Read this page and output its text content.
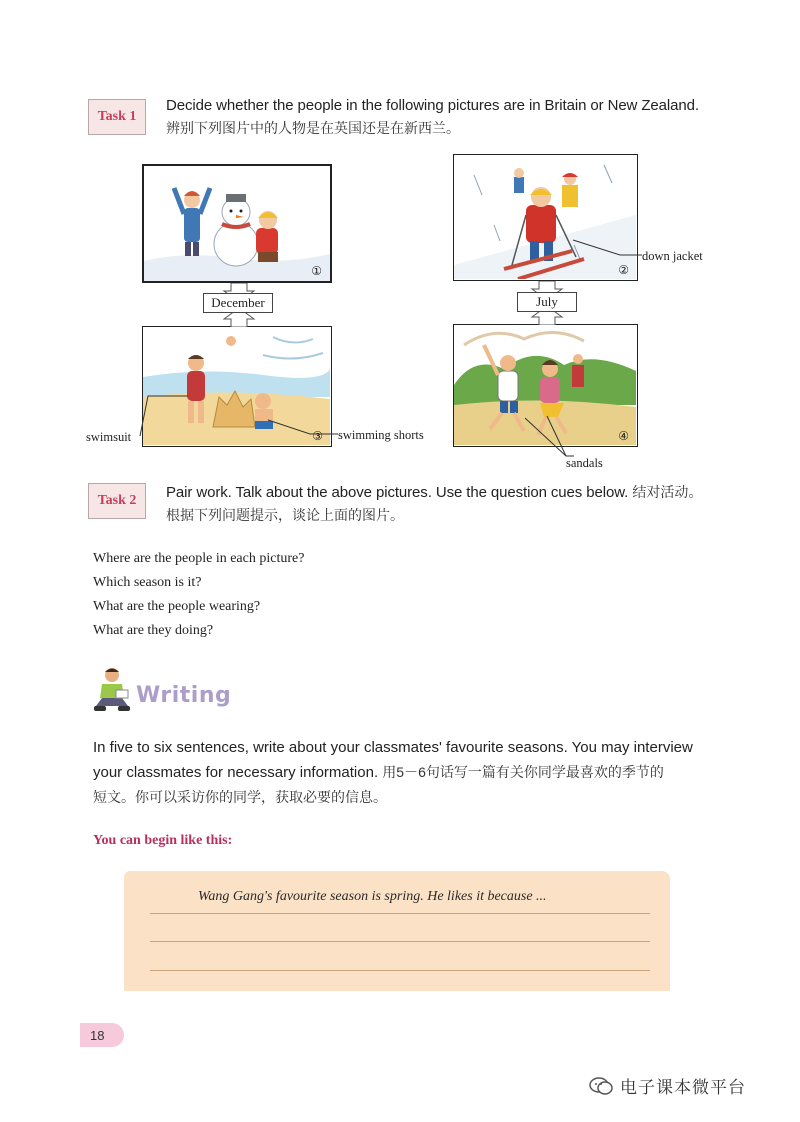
Task 1
Decide whether the people in the following pictures are in Britain or New Zealand.
辨别下列图片中的人物是在英国还是在新西兰。
①	②
③	④
December	July
down jacket
swimsuit	swimming shorts
sandals
Task 2	Pair work. Talk about the above pictures. Use the question cues below. 结对活动。
根据下列问题提示，谈论上面的图片。
Where are the people in each picture?
Which season is it?
What are the people wearing?
What are they doing?
Writing
In five to six sentences, write about your classmates' favourite seasons. You may interview
your classmates for necessary information. 用5－6句话写一篇有关你同学最喜欢的季节的
短文。你可以采访你的同学，获取必要的信息。
You can begin like this:
Wang Gang's favourite season is spring. He likes it because ...
18
电子课本微平台
